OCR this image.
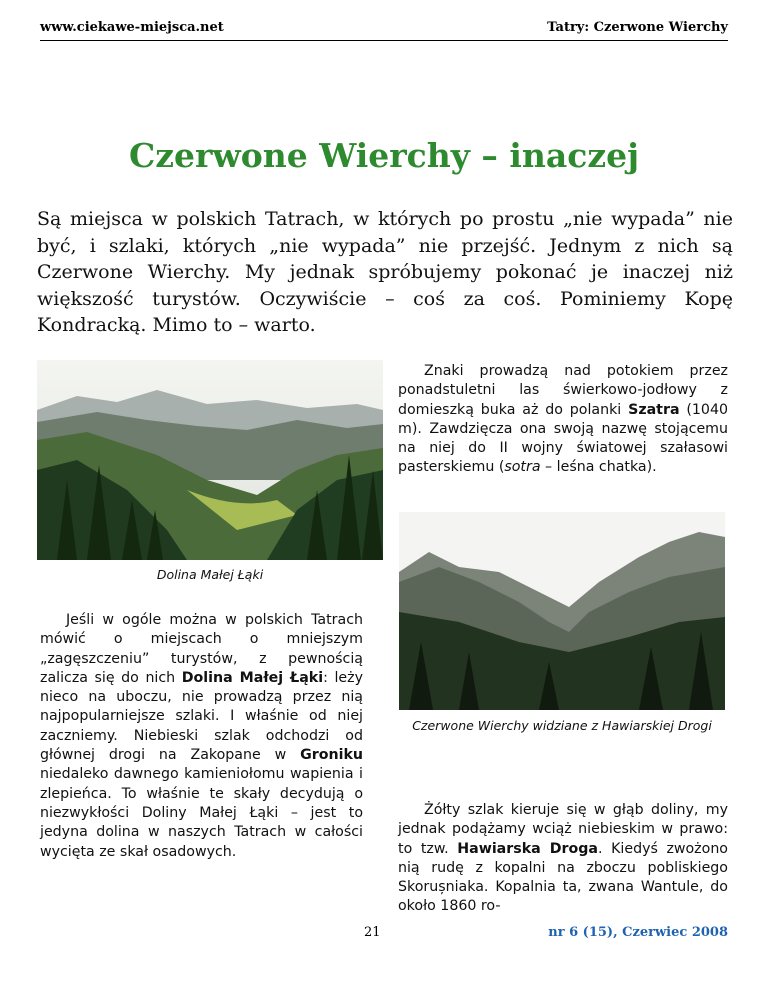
www.ciekawe-miejsca.net	Tatry: Czerwone Wierchy
Czerwone Wierchy – inaczej

Są miejsca w polskich Tatrach, w których po prostu „nie wypada” nie być, i szlaki, których „nie wypada” nie przejść. Jednym z nich są Czerwone Wierchy. My jednak spróbujemy pokonać je inaczej niż większość turystów. Oczywiście – coś za coś. Pominiemy Kopę Kondracką. Mimo to – warto.

Dolina Małej Łąki

Znaki prowadzą nad potokiem przez ponadstuletni las świerkowo-jodłowy z domieszką buka aż do polanki Szatra (1040 m). Zawdzięcza ona swoją nazwę stojącemu na niej do II wojny światowej szałasowi pasterskiemu (sotra – leśna chatka).

Czerwone Wierchy widziane z Hawiarskiej Drogi

Jeśli w ogóle można w polskich Tatrach mówić o miejscach o mniejszym „zagęszczeniu” turystów, z pewnością zalicza się do nich Dolina Małej Łąki: leży nieco na uboczu, nie prowadzą przez nią najpopularniejsze szlaki. I właśnie od niej zaczniemy. Niebieski szlak odchodzi od głównej drogi na Zakopane w Groniku niedaleko dawnego kamieniołomu wapienia i zlepieńca. To właśnie te skały decydują o niezwykłości Doliny Małej Łąki – jest to jedyna dolina w naszych Tatrach w całości wycięta ze skał osadowych.

Żółty szlak kieruje się w głąb doliny, my jednak podążamy wciąż niebieskim w prawo: to tzw. Hawiarska Droga. Kiedyś zwożono nią rudę z kopalni na zboczu pobliskiego Skorușniaka. Kopalnia ta, zwana Wantule, do około 1860 ro-

21	nr 6 (15), Czerwiec 2008
